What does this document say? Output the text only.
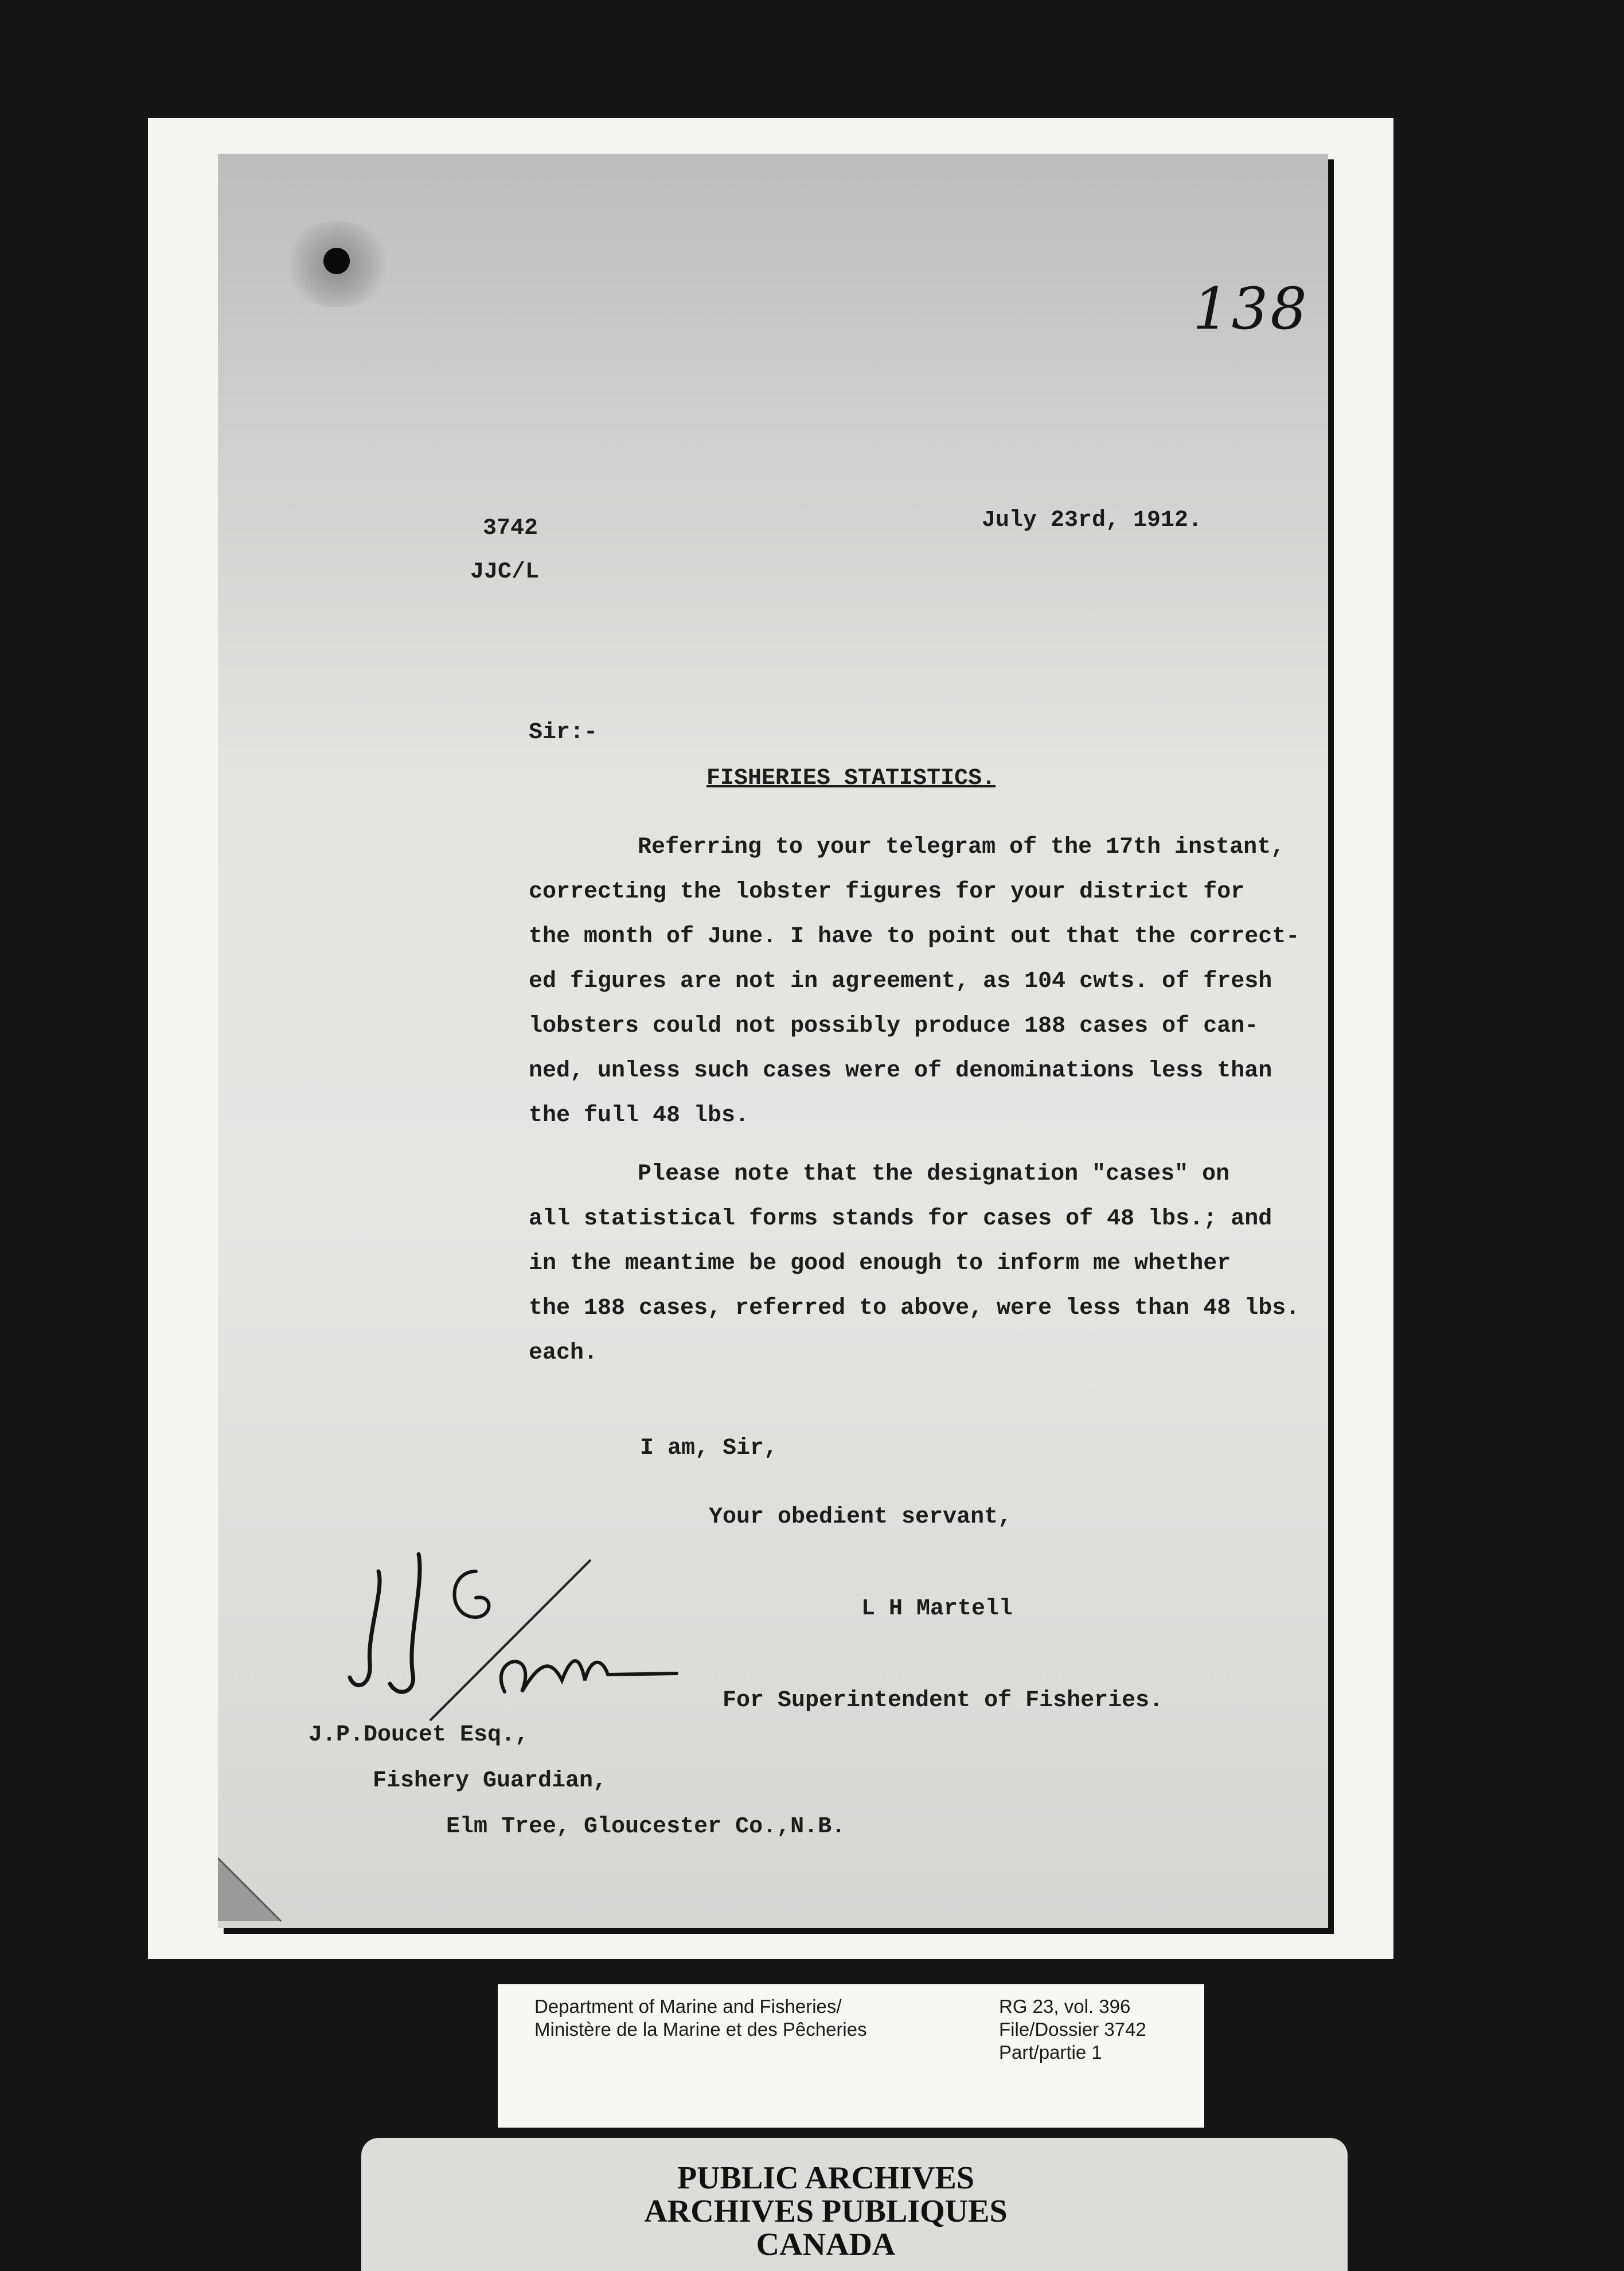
138
3742
JJC/L
July 23rd, 1912.
Sir:-
FISHERIES STATISTICS.
Referring to your telegram of the 17th instant,
correcting the lobster figures for your district for
the month of June. I have to point out that the correct-
ed figures are not in agreement, as 104 cwts. of fresh
lobsters could not possibly produce 188 cases of can-
ned, unless such cases were of denominations less than
the full 48 lbs.
Please note that the designation "cases" on
all statistical forms stands for cases of 48 lbs.; and
in the meantime be good enough to inform me whether
the 188 cases, referred to above, were less than 48 lbs.
each.
I am, Sir,
Your obedient servant,
L H Martell
For Superintendent of Fisheries.
J.P.Doucet Esq.,
Fishery Guardian,
Elm Tree, Gloucester Co.,N.B.
Department of Marine and Fisheries/
Ministère de la Marine et des Pêcheries
RG 23, vol. 396
File/Dossier 3742
Part/partie 1
PUBLIC ARCHIVES
ARCHIVES PUBLIQUES
CANADA
